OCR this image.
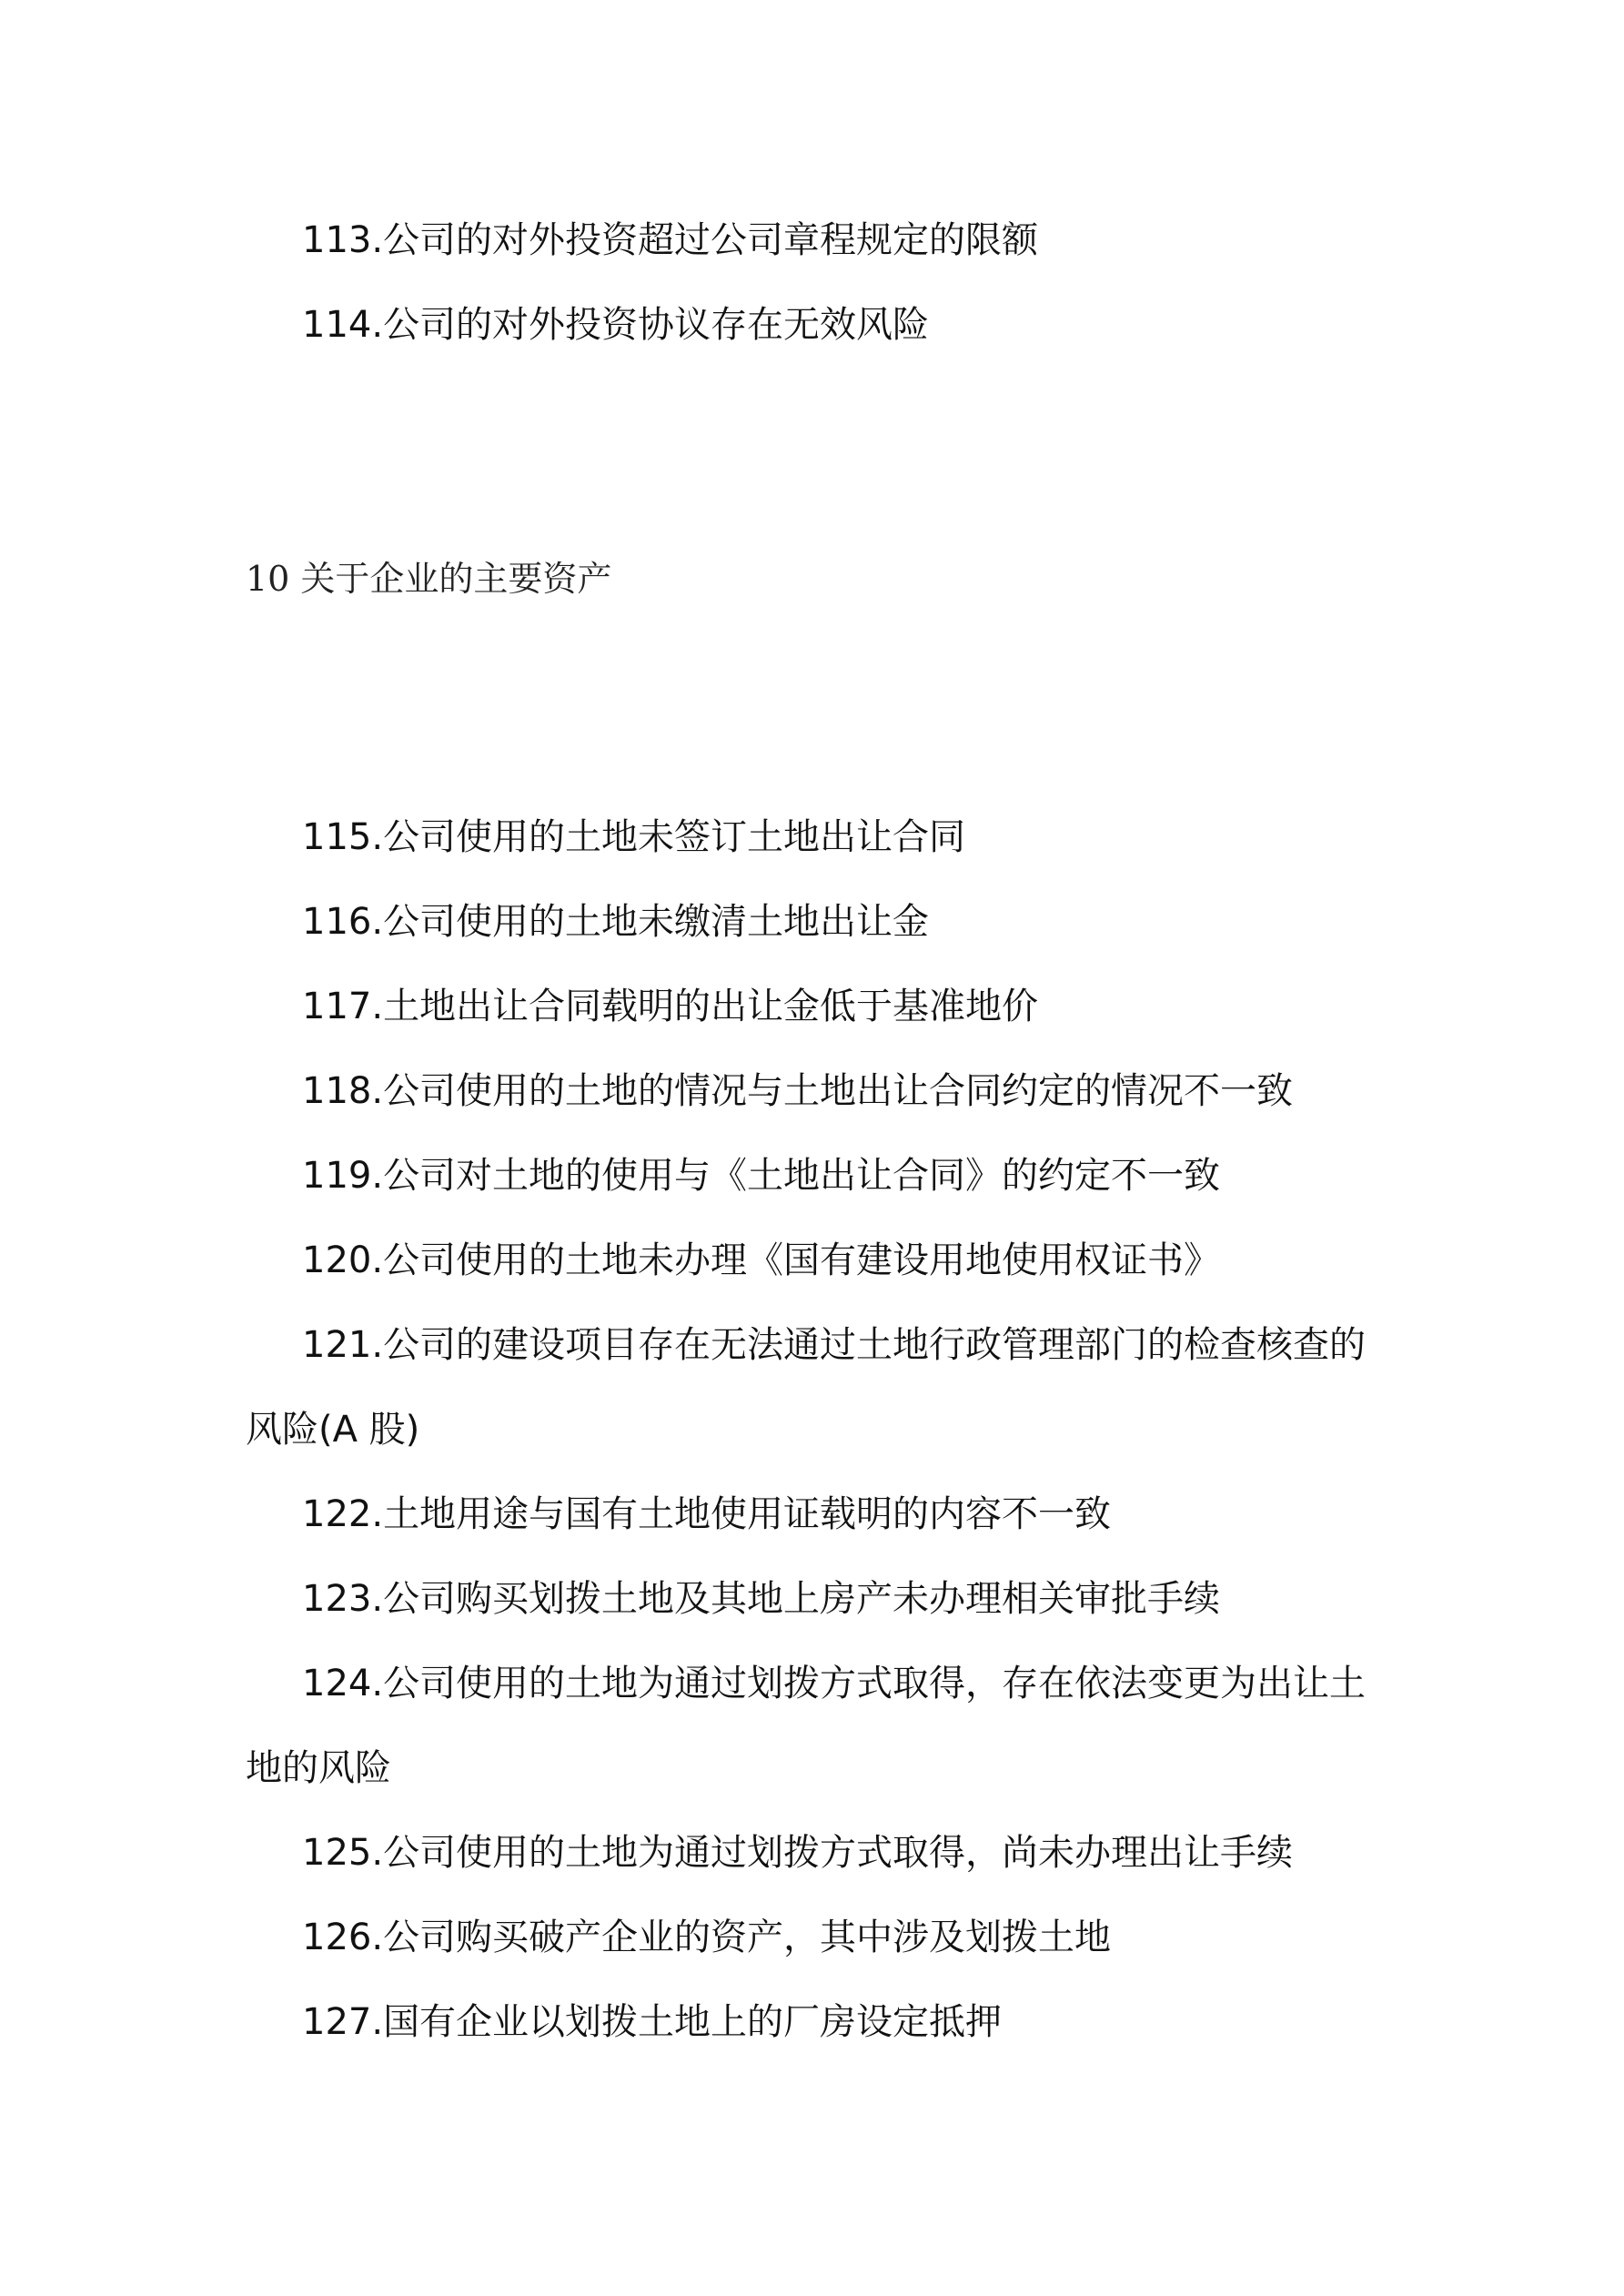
113.公司的对外投资超过公司章程规定的限额
114.公司的对外投资协议存在无效风险
10 关于企业的主要资产
115.公司使用的土地未签订土地出让合同
116.公司使用的土地未缴清土地出让金
117.土地出让合同载明的出让金低于基准地价
118.公司使用的土地的情况与土地出让合同约定的情况不一致
119.公司对土地的使用与《土地出让合同》的约定不一致
120.公司使用的土地未办理《国有建设用地使用权证书》
121.公司的建设项目存在无法通过土地行政管理部门的检查核查的风险(A 股)
122.土地用途与国有土地使用证载明的内容不一致
123.公司购买划拨土地及其地上房产未办理相关审批手续
124.公司使用的土地为通过划拨方式取得，存在依法变更为出让土地的风险
125.公司使用的土地为通过划拨方式取得，尚未办理出让手续
126.公司购买破产企业的资产，其中涉及划拨土地
127.国有企业以划拨土地上的厂房设定抵押
